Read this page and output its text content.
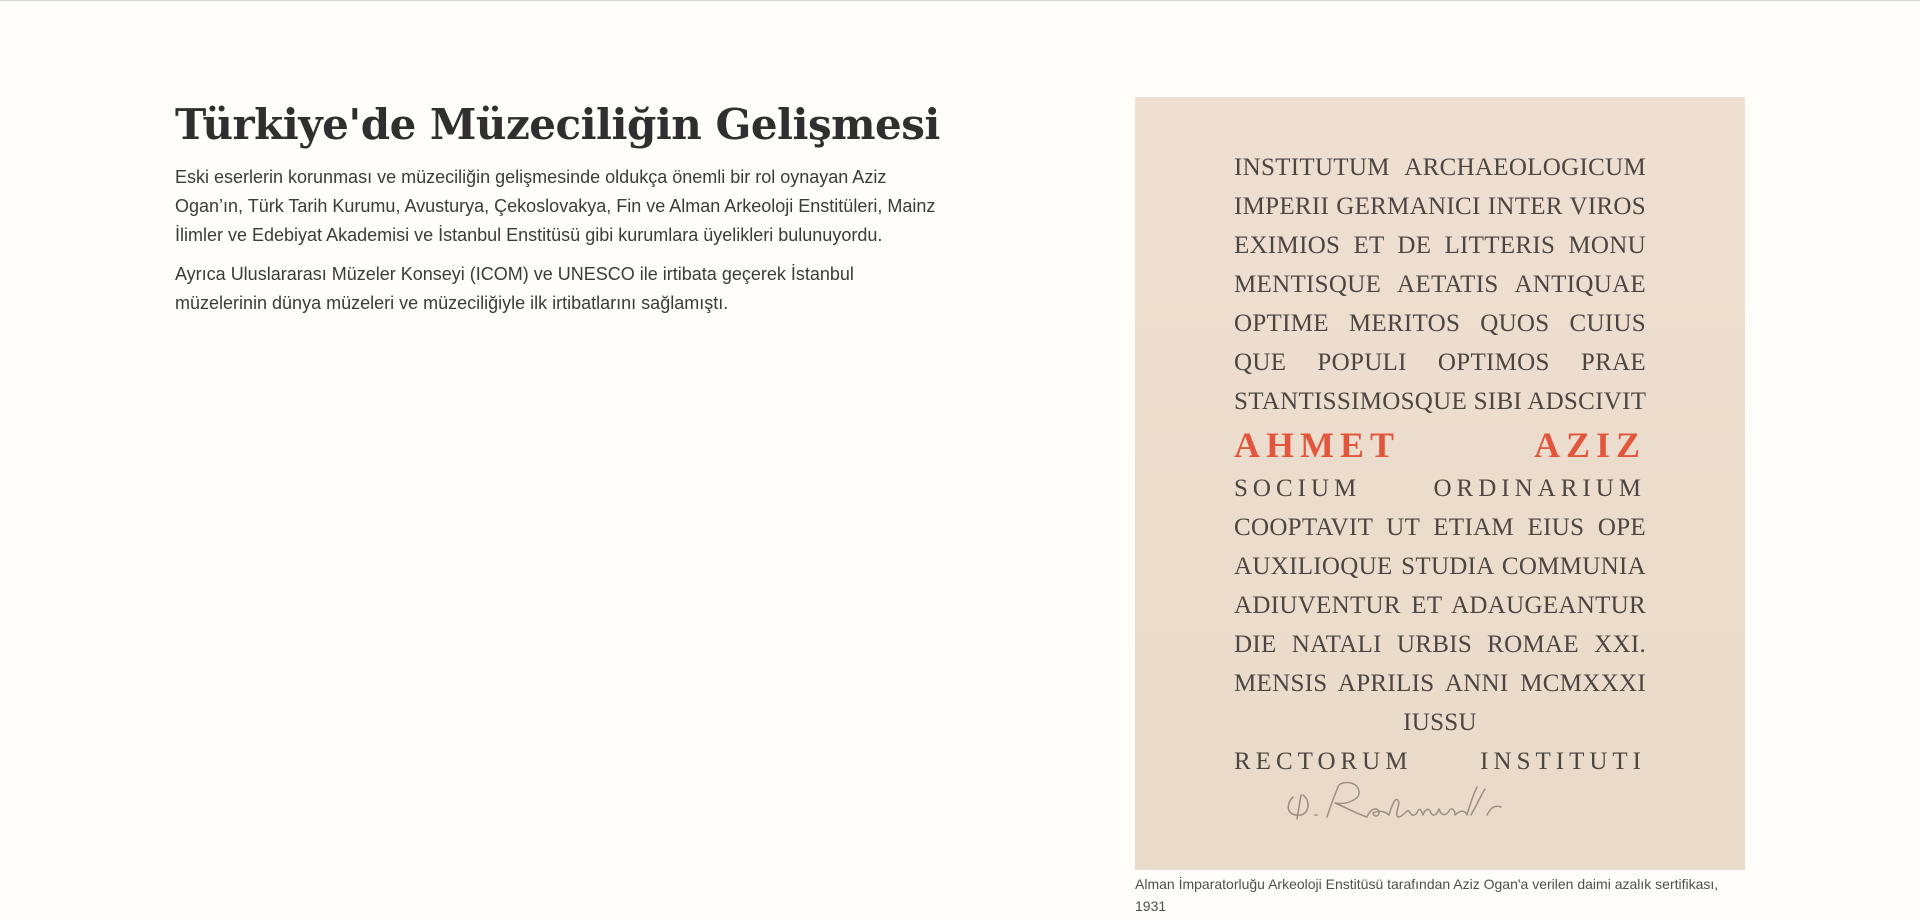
Türkiye'de Müzeciliğin Gelişmesi

Eski eserlerin korunması ve müzeciliğin gelişmesinde oldukça önemli bir rol oynayan Aziz Ogan’ın, Türk Tarih Kurumu, Avusturya, Çekoslovakya, Fin ve Alman Arkeoloji Enstitüleri, Mainz İlimler ve Edebiyat Akademisi ve İstanbul Enstitüsü gibi kurumlara üyelikleri bulunuyordu.

Ayrıca Uluslararası Müzeler Konseyi (ICOM) ve UNESCO ile irtibata geçerek İstanbul müzelerinin dünya müzeleri ve müzeciliğiyle ilk irtibatlarını sağlamıştı.

INSTITUTUM ARCHAEOLOGICUM
IMPERII GERMANICI INTER VIROS
EXIMIOS ET DE LITTERIS MONU
MENTISQUE AETATIS ANTIQUAE
OPTIME MERITOS QUOS CUIUS
QUE POPULI OPTIMOS PRAE
STANTISSIMOSQUE SIBI ADSCIVIT
AHMET AZIZ
SOCIUM ORDINARIUM
COOPTAVIT UT ETIAM EIUS OPE
AUXILIOQUE STUDIA COMMUNIA
ADIUVENTUR ET ADAUGEANTUR
DIE NATALI URBIS ROMAE XXI.
MENSIS APRILIS ANNI MCMXXXI
IUSSU
RECTORUM INSTITUTI
Alman İmparatorluğu Arkeoloji Enstitüsü tarafından Aziz Ogan'a verilen daimi azalık sertifikası, 1931
